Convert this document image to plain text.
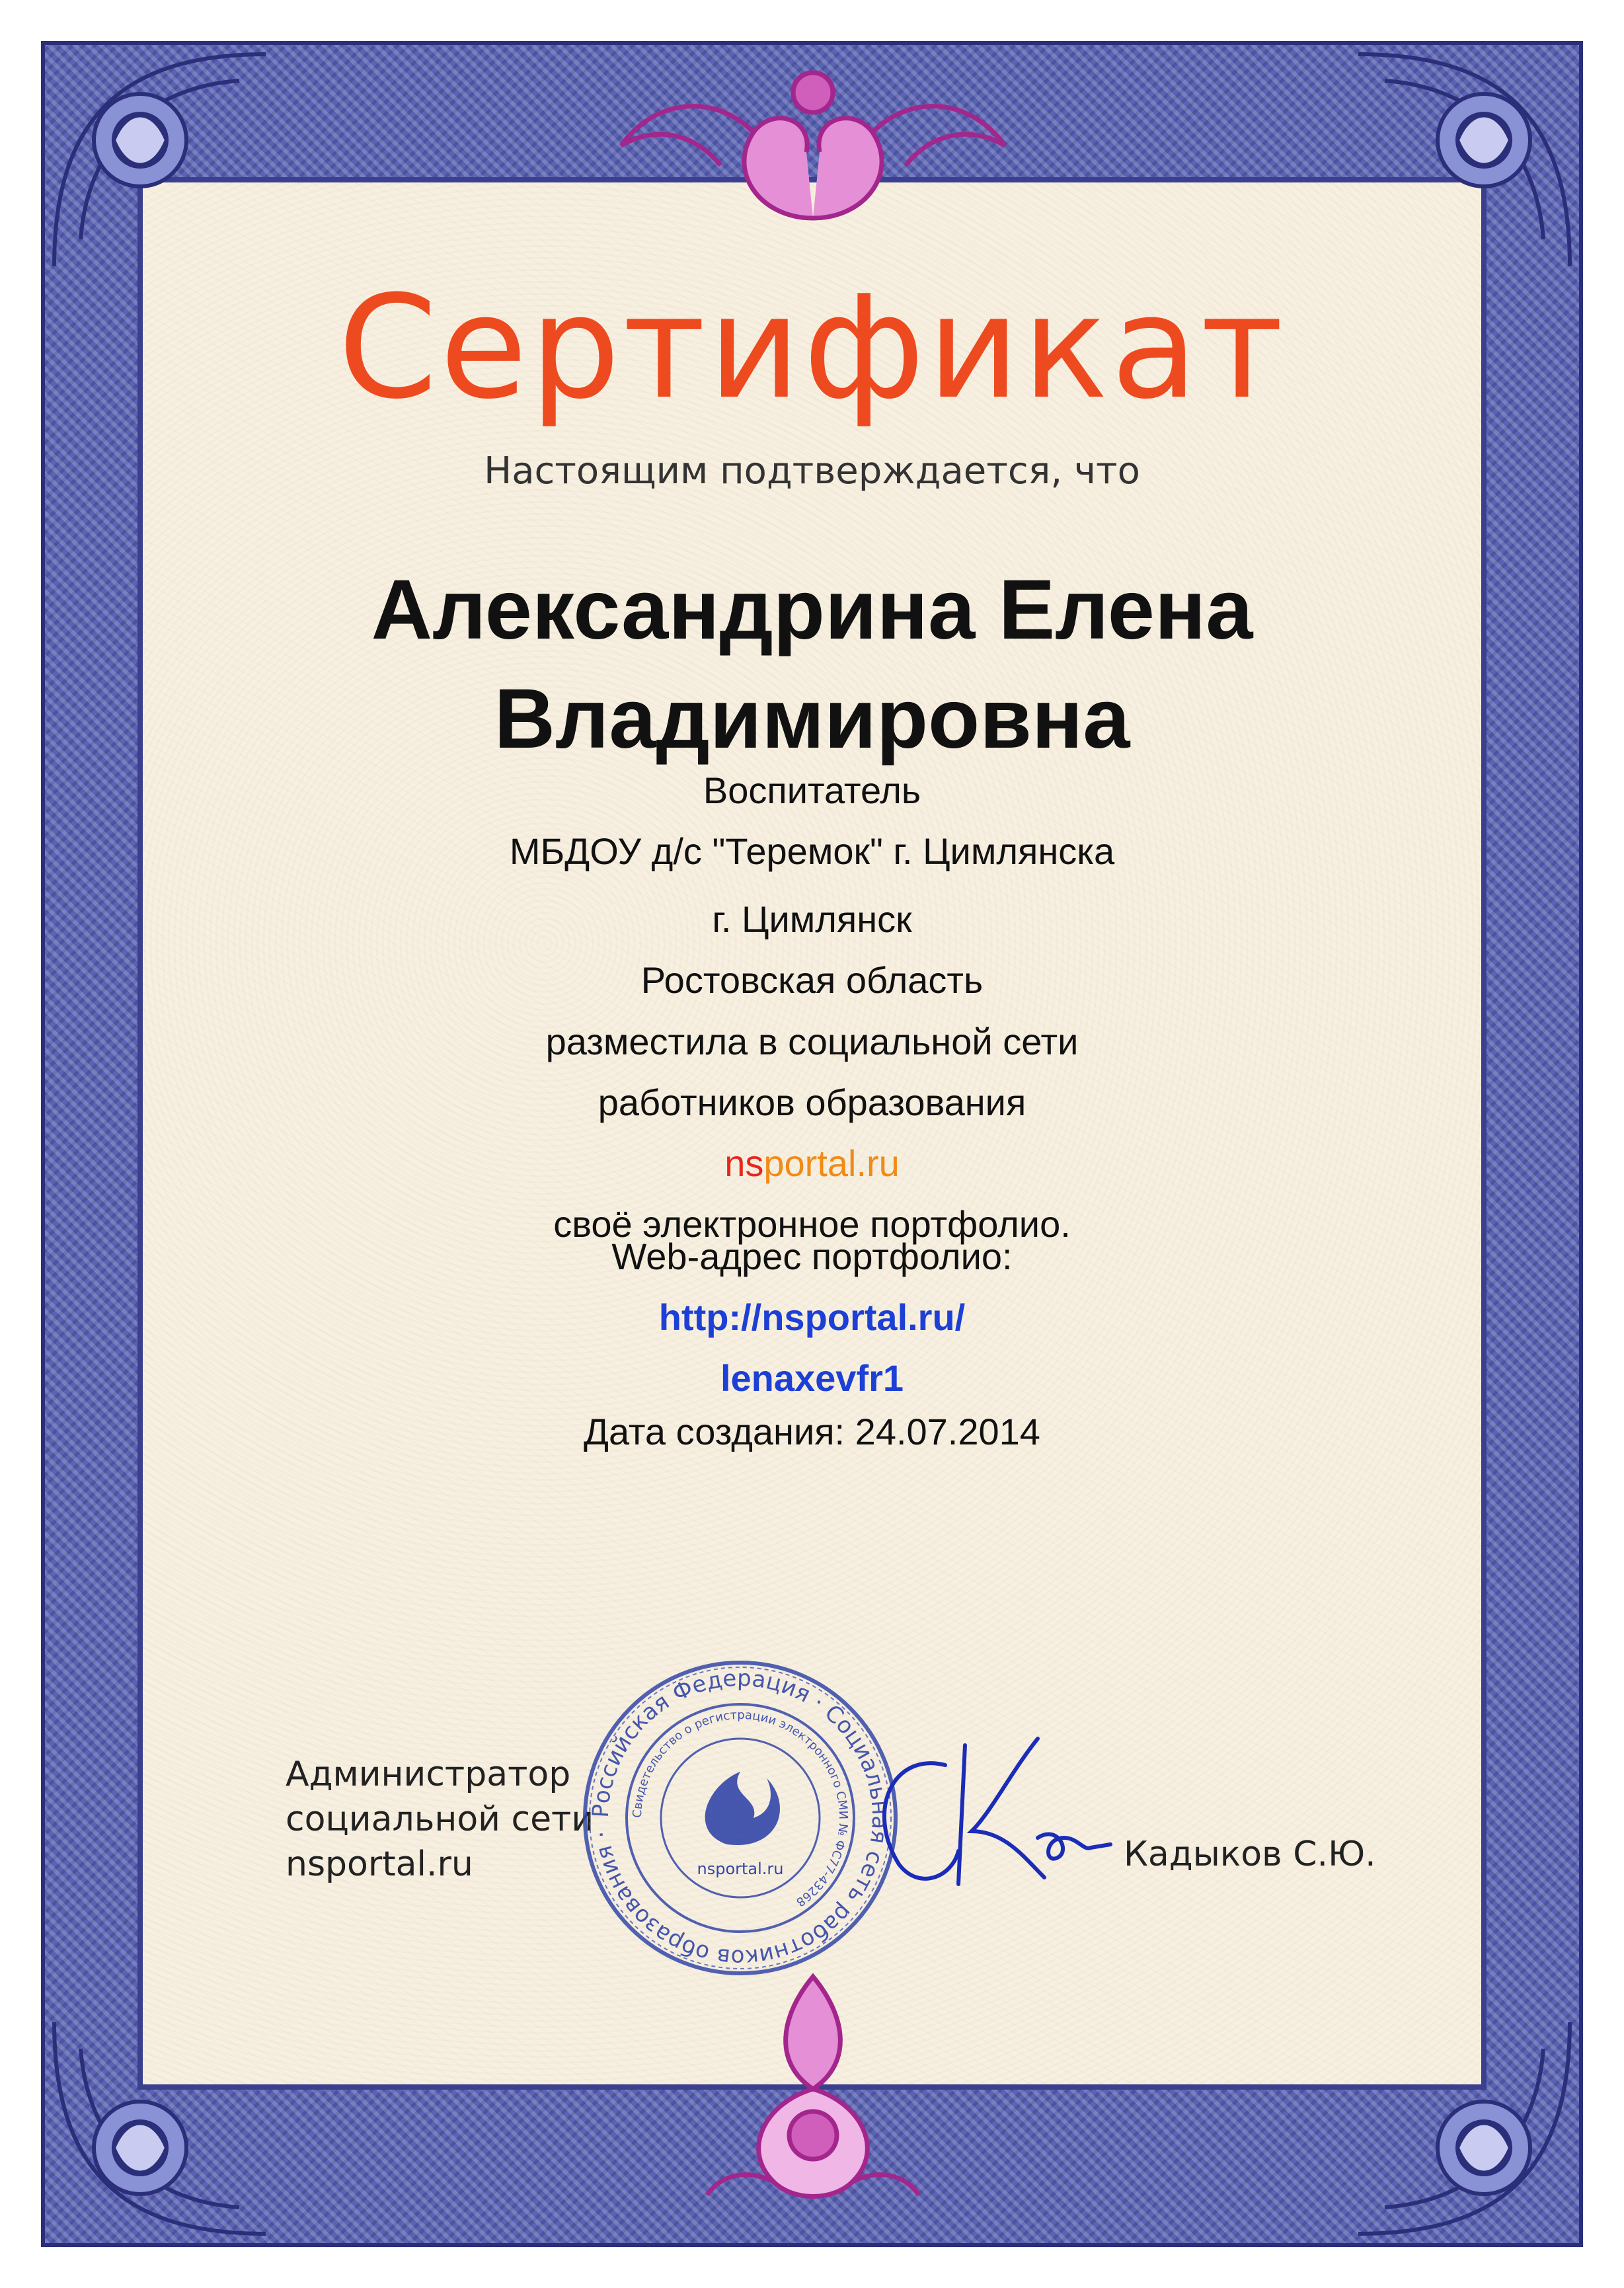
Сертификат
Настоящим подтверждается, что
Александрина Елена
Владимировна
Воспитатель
МБДОУ д/с "Теремок" г. Цимлянска
г. Цимлянск
Ростовская область
разместила в социальной сети
работников образования
nsportal.ru
своё электронное портфолио.
Web-адрес портфолио:
http://nsportal.ru/
lenaxevfr1
Дата создания: 24.07.2014
Администратор
социальной сети
nsportal.ru
Российская Федерация · Социальная сеть работников образования ·
Свидетельство о регистрации электронного СМИ № ФС77-43268
nsportal.ru	Кадыков С.Ю.
